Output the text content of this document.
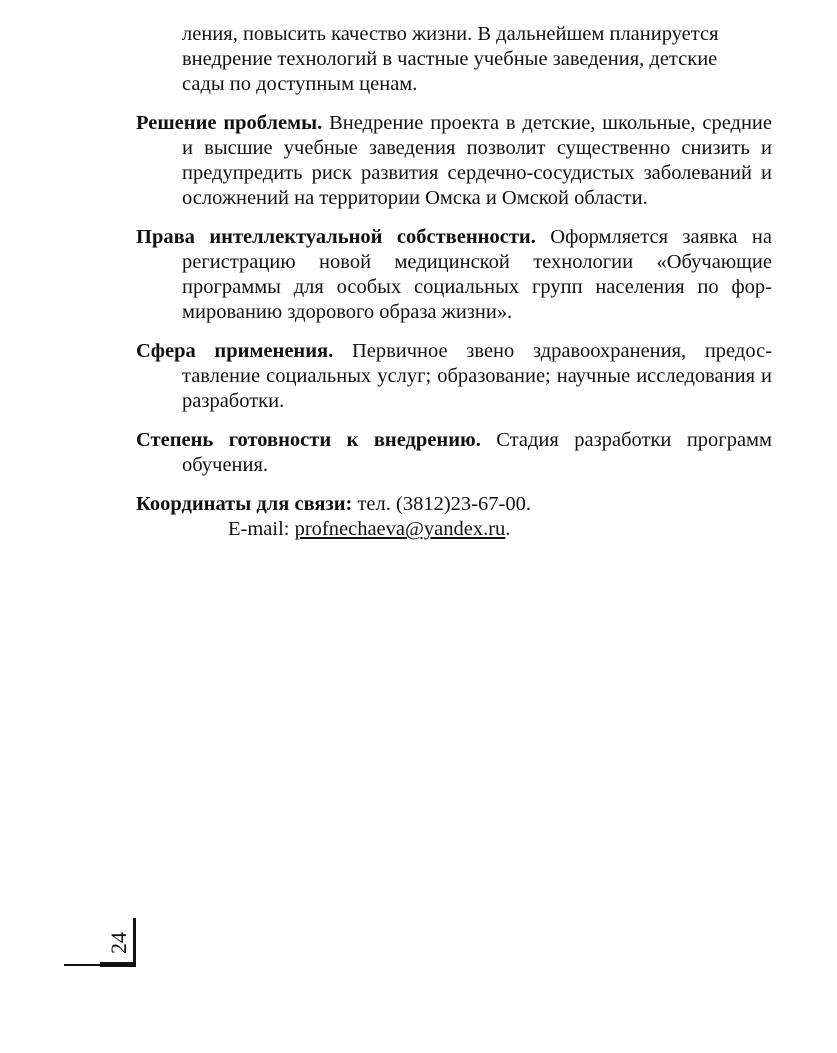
ления, повысить качество жизни. В дальнейшем планируется
внедрение технологий в частные учебные заведения, детские
сады по доступным ценам.

Решение проблемы. Внедрение проекта в детские, школьные, средние и высшие учебные заведения позволит существенно снизить и предупредить риск развития сердечно-сосудистых заболеваний и осложнений на территории Омска и Омской области.

Права интеллектуальной собственности. Оформляется заявка на регистрацию новой медицинской технологии «Обучающие программы для особых социальных групп населения по формированию здорового образа жизни».

Сфера применения. Первичное звено здравоохранения, предоставление социальных услуг; образование; научные исследования и разработки.

Степень готовности к внедрению. Стадия разработки программ обучения.

Координаты для связи: тел. (3812)23-67-00.
E-mail: profnechaeva@yandex.ru.

24
